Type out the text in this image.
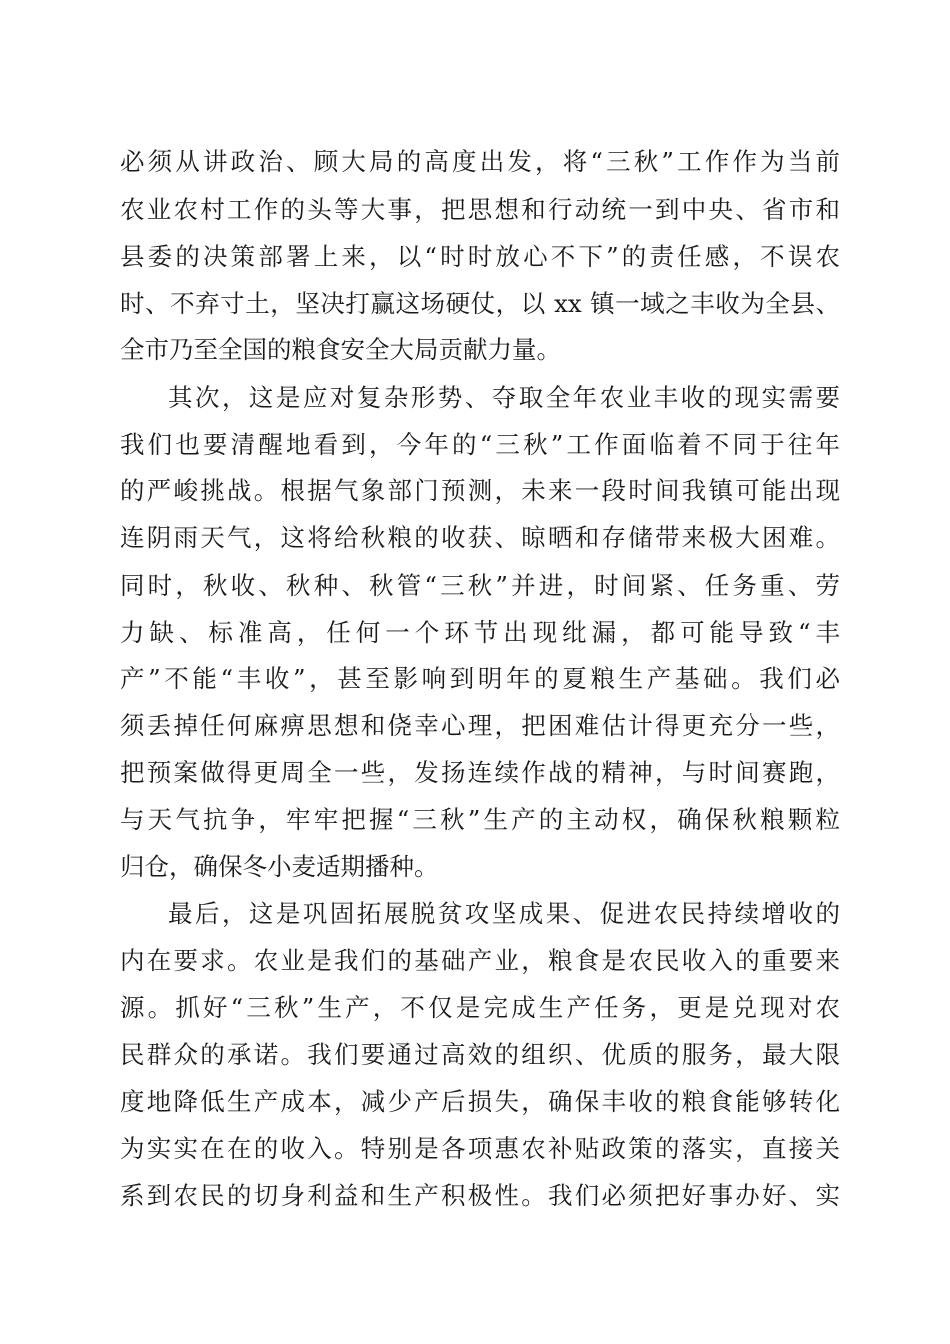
必须从讲政治、顾大局的高度出发，将“三秋”工作作为当前
农业农村工作的头等大事，把思想和行动统一到中央、省市和
县委的决策部署上来，以“时时放心不下”的责任感，不误农
时、不弃寸土，坚决打赢这场硬仗，以 xx 镇一域之丰收为全县、
全市乃至全国的粮食安全大局贡献力量。
其次，这是应对复杂形势、夺取全年农业丰收的现实需要
我们也要清醒地看到，今年的“三秋”工作面临着不同于往年
的严峻挑战。根据气象部门预测，未来一段时间我镇可能出现
连阴雨天气，这将给秋粮的收获、晾晒和存储带来极大困难。
同时，秋收、秋种、秋管“三秋”并进，时间紧、任务重、劳
力缺、标准高，任何一个环节出现纰漏，都可能导致“丰
产”不能“丰收”，甚至影响到明年的夏粮生产基础。我们必
须丢掉任何麻痹思想和侥幸心理，把困难估计得更充分一些，
把预案做得更周全一些，发扬连续作战的精神，与时间赛跑，
与天气抗争，牢牢把握“三秋”生产的主动权，确保秋粮颗粒
归仓，确保冬小麦适期播种。
最后，这是巩固拓展脱贫攻坚成果、促进农民持续增收的
内在要求。农业是我们的基础产业，粮食是农民收入的重要来
源。抓好“三秋”生产，不仅是完成生产任务，更是兑现对农
民群众的承诺。我们要通过高效的组织、优质的服务，最大限
度地降低生产成本，减少产后损失，确保丰收的粮食能够转化
为实实在在的收入。特别是各项惠农补贴政策的落实，直接关
系到农民的切身利益和生产积极性。我们必须把好事办好、实
